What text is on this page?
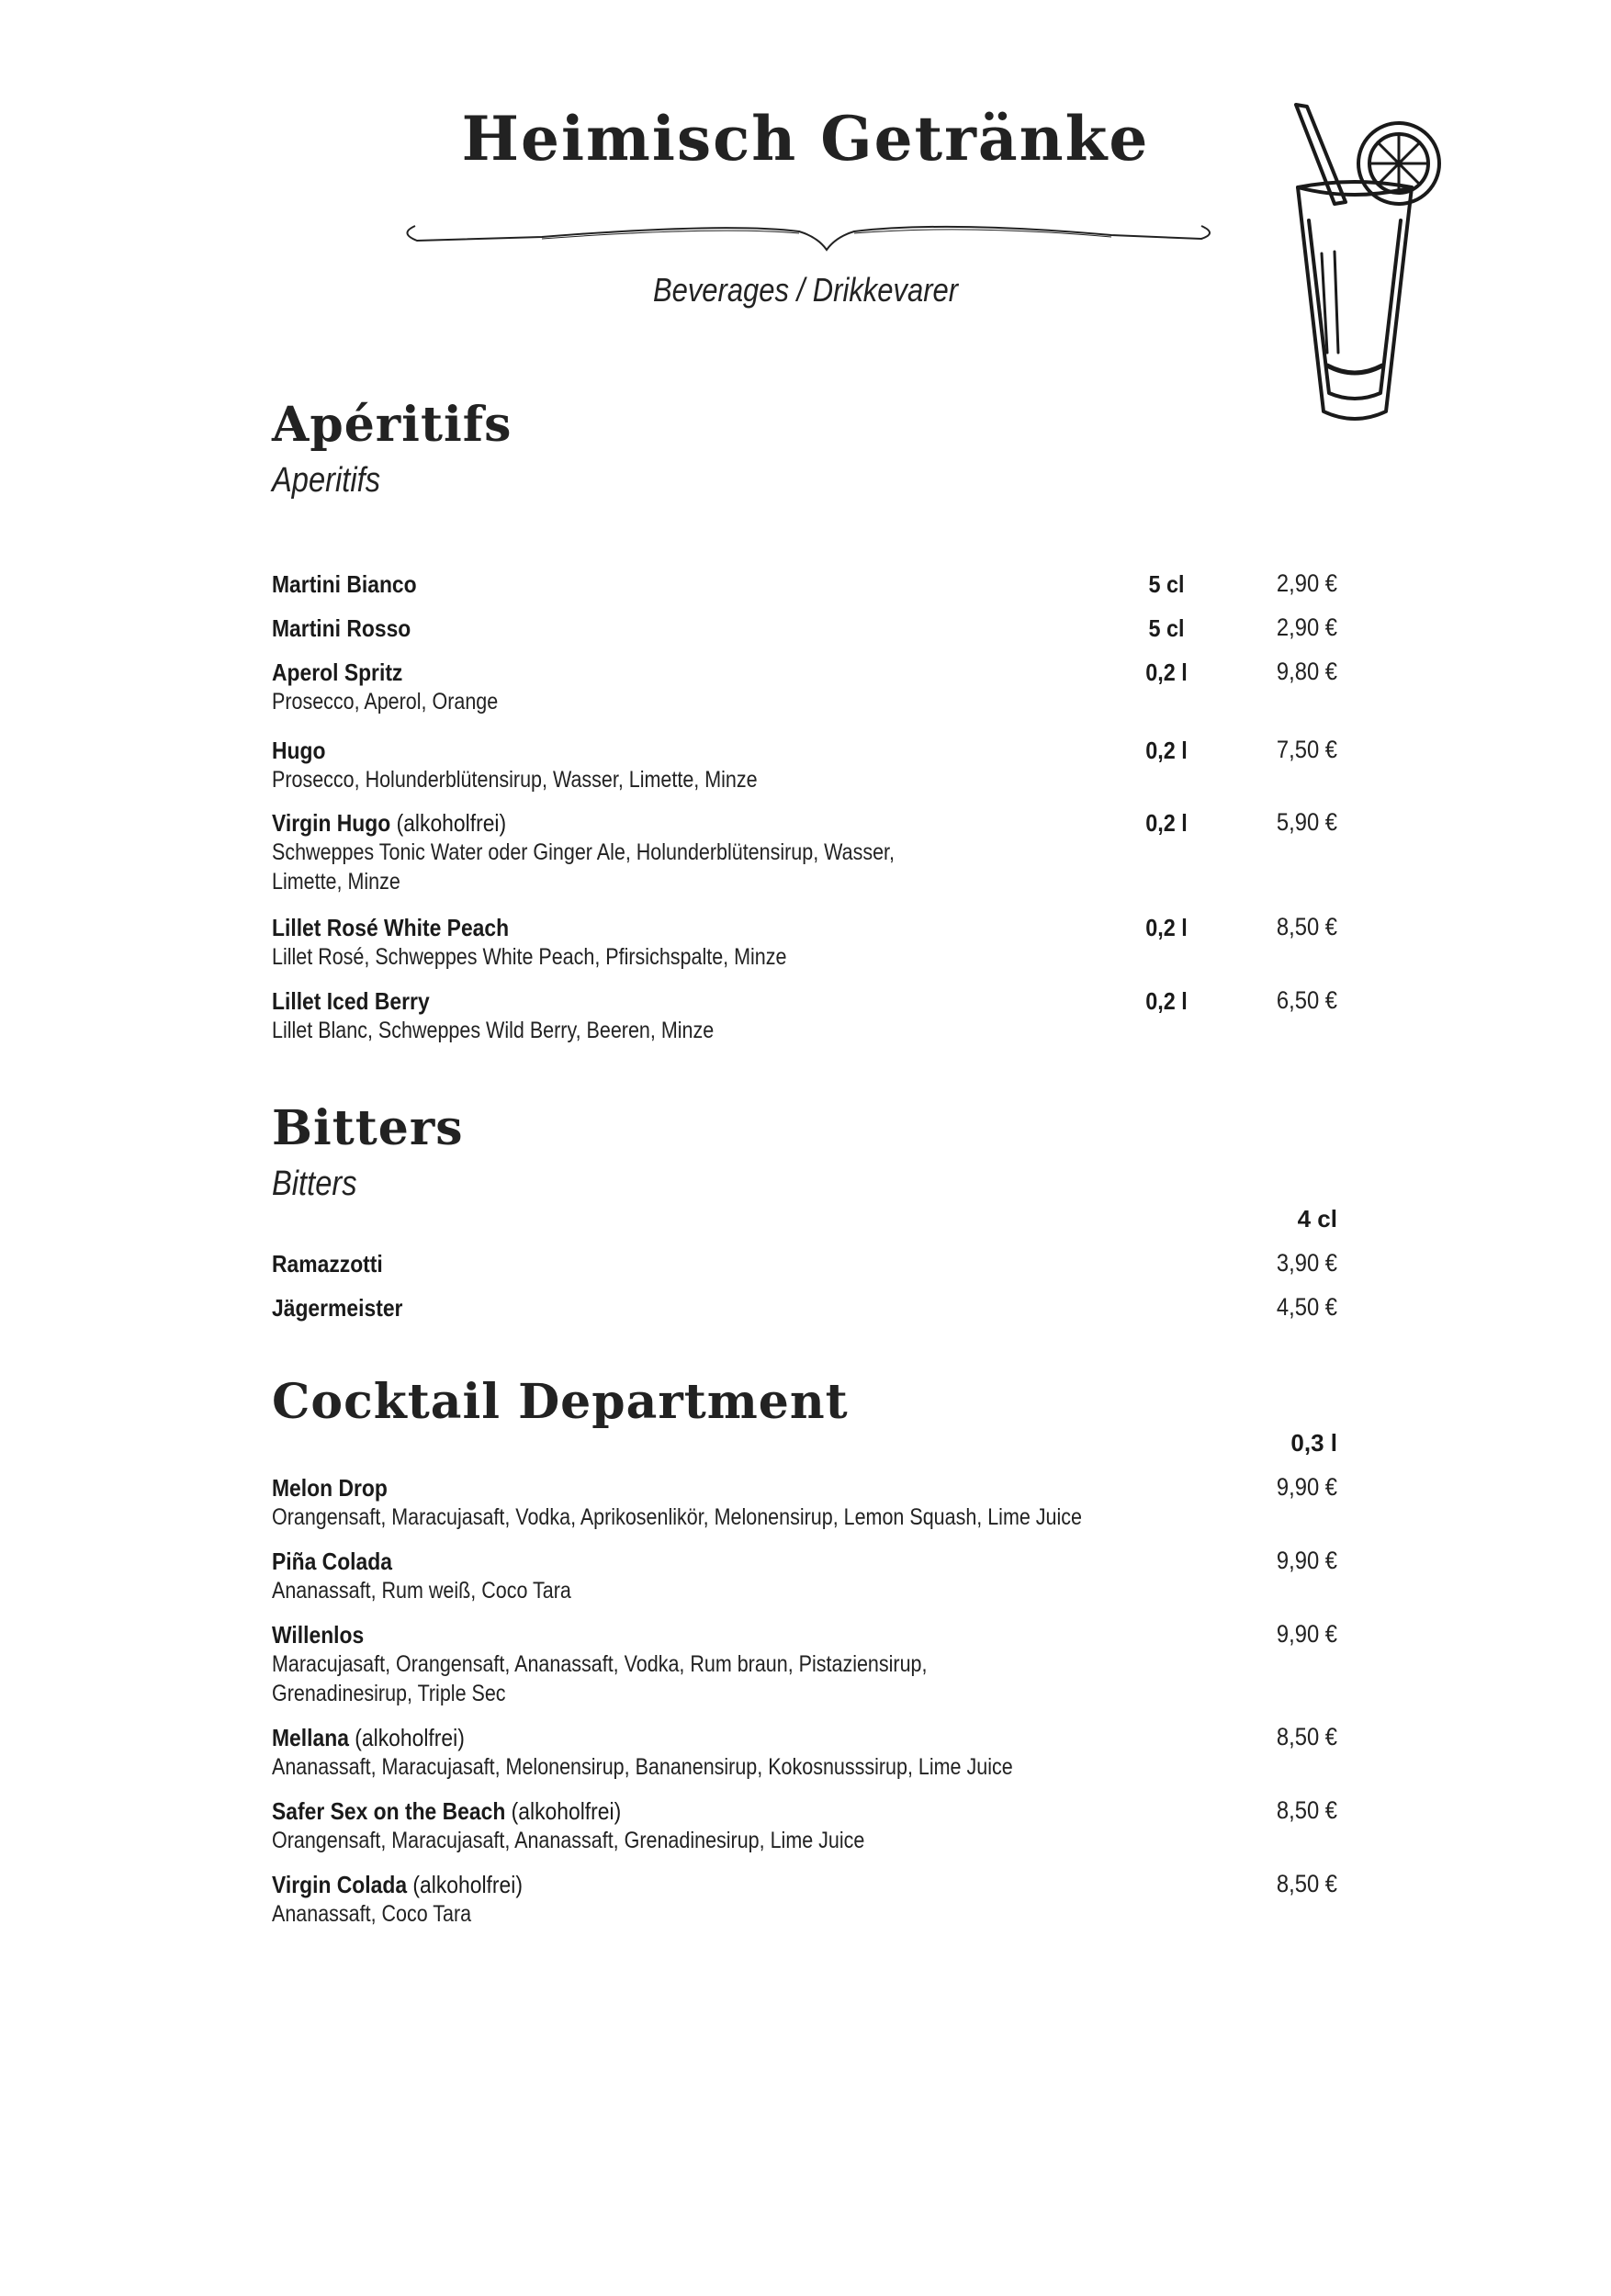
Heimisch Getränke
Beverages / Drikkevarer
Apéritifs
Aperitifs
Martini Bianco	5 cl	2,90 €
Martini Rosso	5 cl	2,90 €
Aperol Spritz
Prosecco, Aperol, Orange
0,2 l	9,80 €
Hugo
Prosecco, Holunderblütensirup, Wasser, Limette, Minze
0,2 l	7,50 €
Virgin Hugo (alkoholfrei)
Schweppes Tonic Water oder Ginger Ale, Holunderblütensirup, Wasser,
Limette, Minze
0,2 l	5,90 €
Lillet Rosé White Peach
Lillet Rosé, Schweppes White Peach, Pfirsichspalte, Minze
0,2 l	8,50 €
Lillet Iced Berry
Lillet Blanc, Schweppes Wild Berry, Beeren, Minze
0,2 l	6,50 €
Bitters
Bitters
4 cl
Ramazzotti	3,90 €
Jägermeister	4,50 €
Cocktail Department
0,3 l
Melon Drop
Orangensaft, Maracujasaft, Vodka, Aprikosenlikör, Melonensirup, Lemon Squash, Lime Juice
9,90 €
Piña Colada
Ananassaft, Rum weiß, Coco Tara
9,90 €
Willenlos
Maracujasaft, Orangensaft, Ananassaft, Vodka, Rum braun, Pistaziensirup,
Grenadinesirup, Triple Sec
9,90 €
Mellana (alkoholfrei)
Ananassaft, Maracujasaft, Melonensirup, Bananensirup, Kokosnusssirup, Lime Juice
8,50 €
Safer Sex on the Beach (alkoholfrei)
Orangensaft, Maracujasaft, Ananassaft, Grenadinesirup, Lime Juice
8,50 €
Virgin Colada (alkoholfrei)
Ananassaft, Coco Tara
8,50 €
